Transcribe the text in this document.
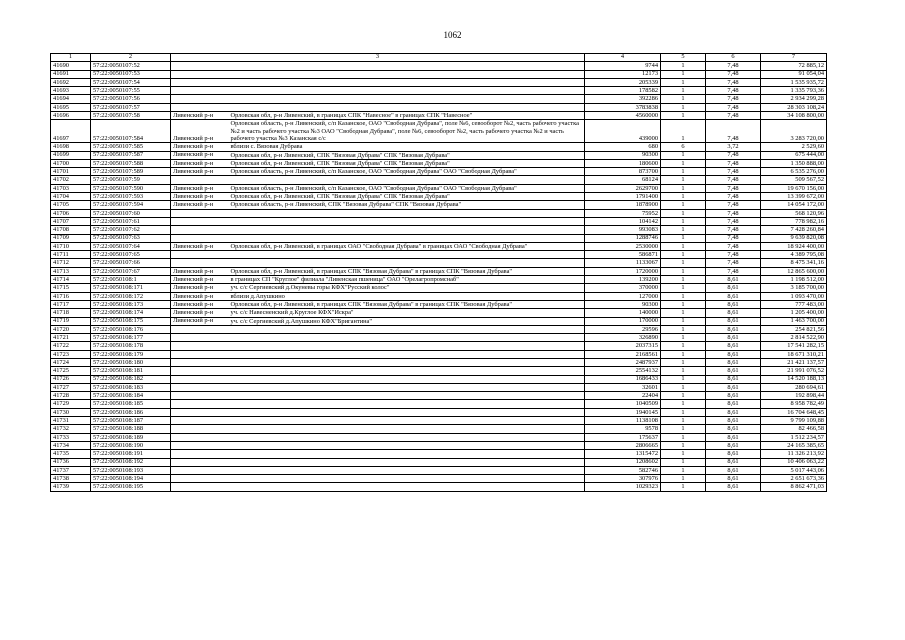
1062
1	2	3		4	5	6	7
41690	57:22:0050107:52			9744	1	7,48	72 885,12
41691	57:22:0050107:53			12173	1	7,48	91 054,04
41692	57:22:0050107:54			205339	1	7,48	1 535 935,72
41693	57:22:0050107:55			178582	1	7,48	1 335 793,36
41694	57:22:0050107:56			392286	1	7,48	2 934 299,28
41695	57:22:0050107:57			3783838	1	7,48	28 303 108,24
41696	57:22:0050107:58	Ливенский р-н	Орловская обл, р-н Ливенский, в границах СПК "Навесное" в границах СПК "Навесное"	4560000	1	7,48	34 108 800,00
41697	57:22:0050107:584	Ливенский р-н	Орловская область, р-н Ливенский, с/п Казанское, ОАО "Свободная Дубрава", поле №6, севооборот №2, часть рабочего участка №2 и часть рабочего участка №3 ОАО "Свободная Дубрава", поле №6, севооборот №2, часть рабочего участка №2 и часть рабочего участка №3 Казанская с/с	439000	1	7,48	3 283 720,00
41698	57:22:0050107:585	Ливенский р-н	вблизи с. Вязовая Дубрава	680	6	3,72	2 529,60
41699	57:22:0050107:587	Ливенский р-н	Орловская обл, р-н Ливенский, СПК "Вязовая Дубрава" СПК "Вязовая Дубрава"	90300	1	7,48	675 444,00
41700	57:22:0050107:588	Ливенский р-н	Орловская обл, р-н Ливенский, СПК "Вязовая Дубрава" СПК "Вязовая Дубрава"	180600	1	7,48	1 350 888,00
41701	57:22:0050107:589	Ливенский р-н	Орловская область, р-н Ливенский, с/п Казанское, ОАО "Свободная Дубрава" ОАО "Свободная Дубрава"	873700	1	7,48	6 535 276,00
41702	57:22:0050107:59			68124	1	7,48	509 567,52
41703	57:22:0050107:590	Ливенский р-н	Орловская область, р-н Ливенский, с/п Казанское, ОАО "Свободная Дубрава" ОАО "Свободная Дубрава"	2629700	1	7,48	19 670 156,00
41704	57:22:0050107:593	Ливенский р-н	Орловская обл, р-н Ливенский, СПК "Вязовая Дубрава" СПК "Вязовая Дубрава"	1791400	1	7,48	13 399 672,00
41705	57:22:0050107:594	Ливенский р-н	Орловская область, р-н Ливенский, СПК "Вязовая Дубрава" СПК "Вязовая Дубрава"	1878900	1	7,48	14 054 172,00
41706	57:22:0050107:60			75952	1	7,48	568 120,96
41707	57:22:0050107:61			104142	1	7,48	778 982,16
41708	57:22:0050107:62			993083	1	7,48	7 428 260,84
41709	57:22:0050107:63			1288746	1	7,48	9 639 820,08
41710	57:22:0050107:64	Ливенский р-н	Орловская обл, р-н Ливенский, в границах ОАО "Свободная Дубрава" в границах ОАО "Свободная Дубрава"	2530000	1	7,48	18 924 400,00
41711	57:22:0050107:65			586871	1	7,48	4 389 795,08
41712	57:22:0050107:66			1133067	1	7,48	8 475 341,16
41713	57:22:0050107:67	Ливенский р-н	Орловская обл, р-н Ливенский, в границах СПК "Вязовая Дубрава" в границах СПК "Вязовая Дубрава"	1720000	1	7,48	12 865 600,00
41714	57:22:0050108:1	Ливенский р-н	в границах СП "Круглое" филиала "Ливенская пшеница" ОАО "Орелагропромснаб"	139200	1	8,61	1 198 512,00
41715	57:22:0050108:171	Ливенский р-н	уч. с/с Сергиевский д.Окуневы горы КФХ"Русский колос"	370000	1	8,61	3 185 700,00
41716	57:22:0050108:172	Ливенский р-н	вблизи д.Апушкино	127000	1	8,61	1 093 470,00
41717	57:22:0050108:173	Ливенский р-н	Орловская обл, р-н Ливенский, в границах СПК "Вязовая Дубрава" в границах СПК "Вязовая Дубрава"	90300	1	8,61	777 483,00
41718	57:22:0050108:174	Ливенский р-н	уч. с/с Навесненский д.Круглое КФХ"Искра"	140000	1	8,61	1 205 400,00
41719	57:22:0050108:175	Ливенский р-н	уч. с/с Сергиевский д.Апушкино КФХ"Бригантина"	170000	1	8,61	1 463 700,00
41720	57:22:0050108:176			29596	1	8,61	254 821,56
41721	57:22:0050108:177			326890	1	8,61	2 814 522,90
41722	57:22:0050108:178			2037315	1	8,61	17 541 282,15
41723	57:22:0050108:179			2168561	1	8,61	18 671 310,21
41724	57:22:0050108:180			2487937	1	8,61	21 421 137,57
41725	57:22:0050108:181			2554132	1	8,61	21 991 076,52
41726	57:22:0050108:182			1686433	1	8,61	14 520 188,13
41727	57:22:0050108:183			32601	1	8,61	280 694,61
41728	57:22:0050108:184			22404	1	8,61	192 898,44
41729	57:22:0050108:185			1040509	1	8,61	8 958 782,49
41730	57:22:0050108:186			1940145	1	8,61	16 704 648,45
41731	57:22:0050108:187			1138108	1	8,61	9 799 109,88
41732	57:22:0050108:188			9578	1	8,61	82 466,58
41733	57:22:0050108:189			175637	1	8,61	1 512 234,57
41734	57:22:0050108:190			2806665	1	8,61	24 165 385,65
41735	57:22:0050108:191			1315472	1	8,61	11 326 213,92
41736	57:22:0050108:192			1208602	1	8,61	10 406 063,22
41737	57:22:0050108:193			582746	1	8,61	5 017 443,06
41738	57:22:0050108:194			307976	1	8,61	2 651 673,36
41739	57:22:0050108:195			1029323	1	8,61	8 862 471,03
